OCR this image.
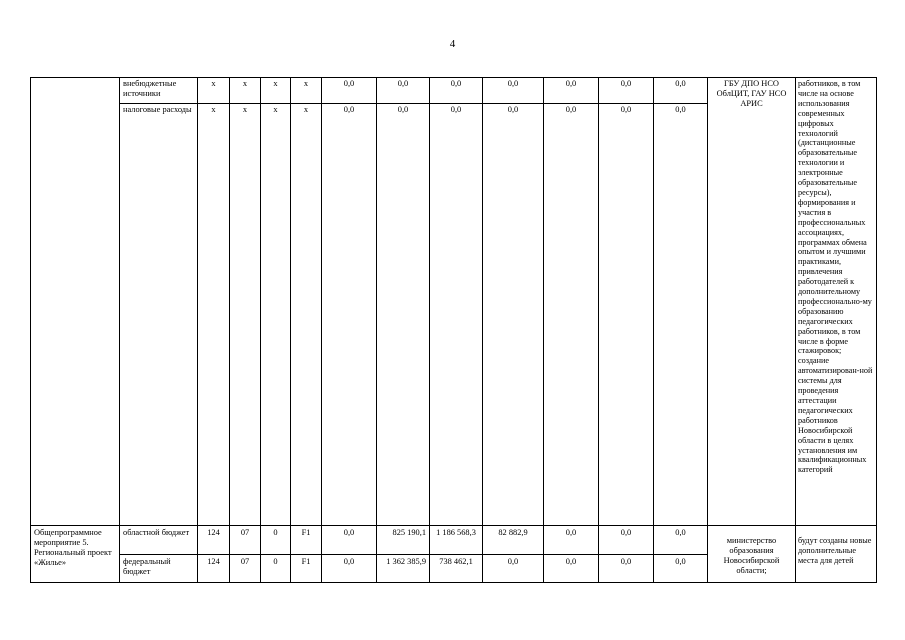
4
	внебюджетные источники	х	х	х	х	0,0	0,0	0,0	0,0	0,0	0,0	0,0	ГБУ ДПО НСО ОблЦИТ, ГАУ НСО АРИС	работников, в том числе на основе использования современных цифровых технологий (дистанционные образовательные технологии и электронные образовательные ресурсы), формирования и участия в профессиональных ассоциациях, программах обмена опытом и лучшими практиками, привлечения работодателей к дополнительному профессионально-му образованию педагогических работников, в том числе в форме стажировок; создание автоматизирован-ной системы для проведения аттестации педагогических работников Новосибирской области в целях установления им квалификационных категорий
	налоговые расходы	х	х	х	х	0,0	0,0	0,0	0,0	0,0	0,0	0,0		
Общепрограммное мероприятие 5. Региональный проект «Жилье»	областной бюджет	124	07	0	F1	0,0	825 190,1	1 186 568,3	82 882,9	0,0	0,0	0,0	министерство образования Новосибирской области;	будут созданы новые дополнительные места для детей
	федеральный бюджет	124	07	0	F1	0,0	1 362 385,9	738 462,1	0,0	0,0	0,0	0,0		
